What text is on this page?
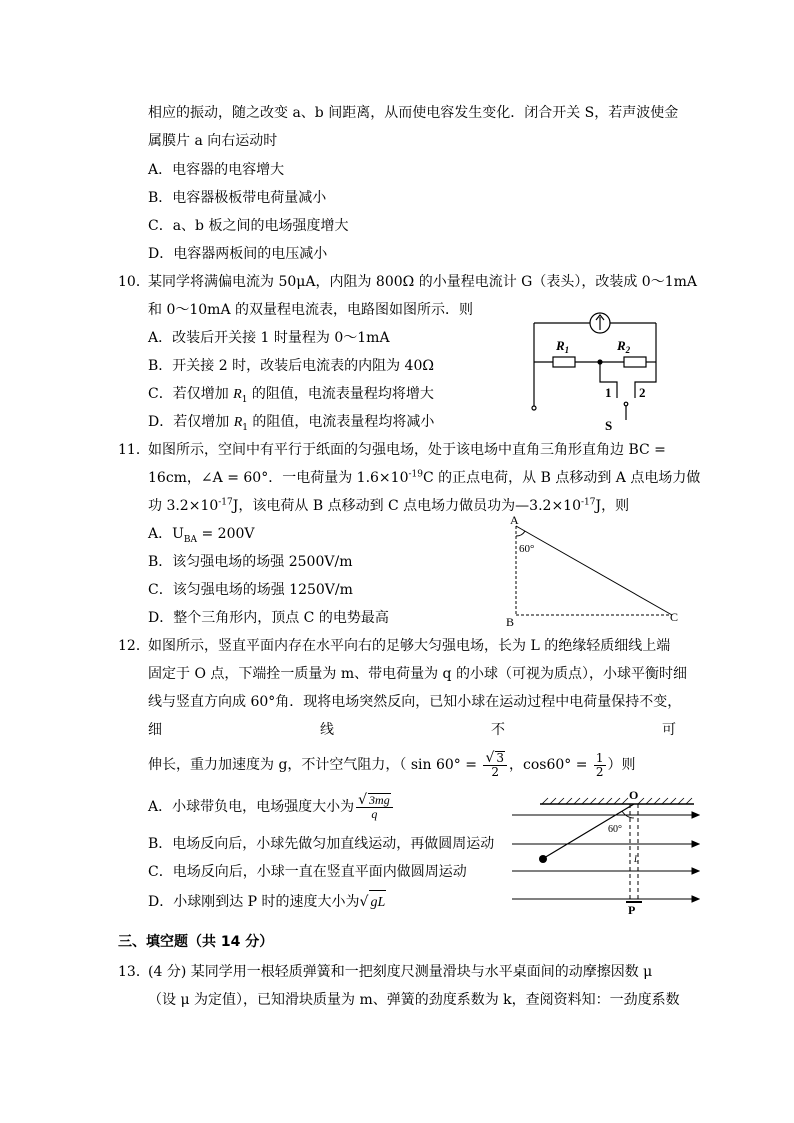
相应的振动，随之改变 a、b 间距离，从而使电容发生变化．闭合开关 S，若声波使金
属膜片 a 向右运动时
A．电容器的电容增大
B．电容器极板带电荷量减小
C．a、b 板之间的电场强度增大
D．电容器两板间的电压减小
10．
某同学将满偏电流为 50μA，内阻为 800Ω 的小量程电流计 G（表头），改装成 0～1mA
和 0～10mA 的双量程电流表，电路图如图所示．则
A．改装后开关接 1 时量程为 0～1mA
B．开关接 2 时，改装后电流表的内阻为 40Ω
C．若仅增加 $R_1$ 的阻值，电流表量程均将增大
D．若仅增加 $R_1$ 的阻值，电流表量程均将减小
$R_1$	$R_2$
1 2
S
11．
如图所示，空间中有平行于纸面的匀强电场，处于该电场中直角三角形直角边 BC =
16cm，∠A = 60°．一电荷量为 $1.6\times 10^{-19}C$ 的正点电荷，从 B 点移动到 A 点电场力做
功 $3.2\times 10^{-17}J$，该电荷从 B 点移动到 C 点电场力做员功为$—3.2\times 10^{-17}J$，则
A．$U_{BA} = 200V$
B．该匀强电场的场强 2500V/m
C．该匀强电场的场强 1250V/m
D．整个三角形内，顶点 C 的电势最高
A
B	C
60°
12．
如图所示，竖直平面内存在水平向右的足够大匀强电场，长为 L 的绝缘轻质细线上端
固定于 O 点，下端拴一质量为 m、带电荷量为 q 的小球（可视为质点），小球平衡时细
线与竖直方向成 60°角．现将电场突然反向，已知小球在运动过程中电荷量保持不变，
细	线	不	可
伸长，重力加速度为 g，不计空气阻力，（ $\sin 60^\circ = \frac{√ 3}{2}$ ，$\cos 60^\circ = \frac{1}{2}$ ）则
A．小球带负电，电场强度大小为 $\frac{√ 3mg}{q}$
B．电场反向后，小球先做匀加直线运动，再做圆周运动
C．电场反向后，小球一直在竖直平面内做圆周运动
D．小球刚到达 P 时的速度大小为√ gL
O
P
60°
L
三、填空题（共 14 分）
13．
(4 分) 某同学用一根轻质弹簧和一把刻度尺测量滑块与水平桌面间的动摩擦因数 μ
（设 μ 为定值），已知滑块质量为 m、弹簧的劲度系数为 k，查阅资料知：一劲度系数
